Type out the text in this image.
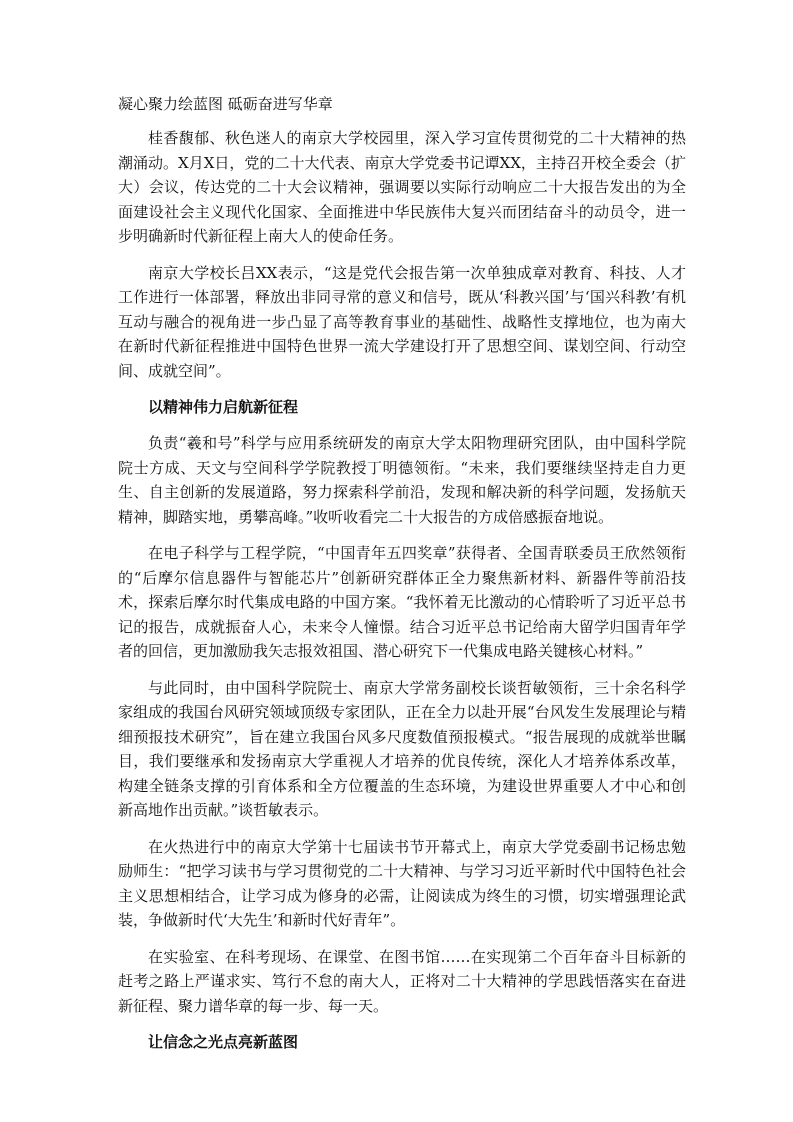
凝心聚力绘蓝图 砥砺奋进写华章

桂香馥郁、秋色迷人的南京大学校园里，深入学习宣传贯彻党的二十大精神的热潮涌动。X月X日，党的二十大代表、南京大学党委书记谭XX，主持召开校全委会（扩大）会议，传达党的二十大会议精神，强调要以实际行动响应二十大报告发出的为全面建设社会主义现代化国家、全面推进中华民族伟大复兴而团结奋斗的动员令，进一步明确新时代新征程上南大人的使命任务。

南京大学校长吕XX表示，“这是党代会报告第一次单独成章对教育、科技、人才工作进行一体部署，释放出非同寻常的意义和信号，既从‘科教兴国’与‘国兴科教’有机互动与融合的视角进一步凸显了高等教育事业的基础性、战略性支撑地位，也为南大在新时代新征程推进中国特色世界一流大学建设打开了思想空间、谋划空间、行动空间、成就空间”。

以精神伟力启航新征程

负责“羲和号”科学与应用系统研发的南京大学太阳物理研究团队，由中国科学院院士方成、天文与空间科学学院教授丁明德领衔。“未来，我们要继续坚持走自力更生、自主创新的发展道路，努力探索科学前沿，发现和解决新的科学问题，发扬航天精神，脚踏实地，勇攀高峰。”收听收看完二十大报告的方成倍感振奋地说。

在电子科学与工程学院，“中国青年五四奖章”获得者、全国青联委员王欣然领衔的“后摩尔信息器件与智能芯片”创新研究群体正全力聚焦新材料、新器件等前沿技术，探索后摩尔时代集成电路的中国方案。“我怀着无比激动的心情聆听了习近平总书记的报告，成就振奋人心，未来令人憧憬。结合习近平总书记给南大留学归国青年学者的回信，更加激励我矢志报效祖国、潜心研究下一代集成电路关键核心材料。”

与此同时，由中国科学院院士、南京大学常务副校长谈哲敏领衔，三十余名科学家组成的我国台风研究领域顶级专家团队，正在全力以赴开展“台风发生发展理论与精细预报技术研究”，旨在建立我国台风多尺度数值预报模式。“报告展现的成就举世瞩目，我们要继承和发扬南京大学重视人才培养的优良传统，深化人才培养体系改革，构建全链条支撑的引育体系和全方位覆盖的生态环境，为建设世界重要人才中心和创新高地作出贡献。”谈哲敏表示。

在火热进行中的南京大学第十七届读书节开幕式上，南京大学党委副书记杨忠勉励师生：“把学习读书与学习贯彻党的二十大精神、与学习习近平新时代中国特色社会主义思想相结合，让学习成为修身的必需，让阅读成为终生的习惯，切实增强理论武装，争做新时代‘大先生’和新时代好青年”。

在实验室、在科考现场、在课堂、在图书馆……在实现第二个百年奋斗目标新的赶考之路上严谨求实、笃行不怠的南大人，正将对二十大精神的学思践悟落实在奋进新征程、聚力谱华章的每一步、每一天。

让信念之光点亮新蓝图
